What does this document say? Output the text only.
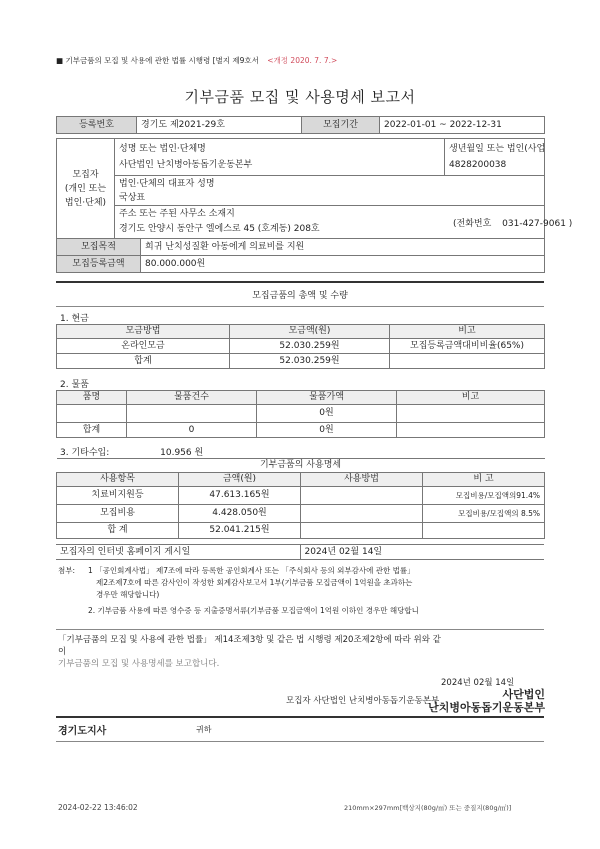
■ 기부금품의 모집 및 사용에 관한 법률 시행령 [별지 제9호서 <개정 2020. 7. 7.>
기부금품 모집 및 사용명세 보고서
등록번호	경기도 제2021-29호	모집기간	2022-01-01 ~ 2022-12-31
모집자
(개인 또는
법인·단체)

성명 또는 법인·단체명
사단법인 난치병아동돕기운동본부

생년월일 또는 법인(사업
4828200038

법인·단체의 대표자 성명
국상표

주소 또는 주된 사무소 소재지
경기도 안양시 동안구 엘에스로 45 (호계동) 208호	(전화번호 031-427-9061 )
모집목적	희귀 난치성질환 아동에게 의료비를 지원
모집등록금액	80.000.000원
모집금품의 총액 및 수량
1. 현금
모금방법	모금액(원)	비고
온라인모금	52.030.259원	모집등록금액대비비율(65%)
합계	52.030.259원	
2. 물품
품명	물품건수	물품가액	비고
		0원	
합계	0	0원	
3. 기타수입:	10.956 원
기부금품의 사용명세			
사용항목	금액(원)	사용방법	비 고
치료비지원등	47.613.165원		모집비용/모집액의91.4%
모집비용	4.428.050원		모집비용/모집액의 8.5%
합 계	52.041.215원		
모집자의 인터넷 홈페이지 게시일	2024년 02월 14일
첨부:	1 「공인회계사법」 제7조에 따라 등록한 공인회계사 또는 「주식회사 등의 외부감사에 관한 법률」
제2조제7호에 따른 감사인이 작성한 회계감사보고서 1부(기부금품 모집금액이 1억원을 초과하는
경우만 해당합니다)
2. 기부금품 사용에 따른 영수증 등 지출증명서류(기부금품 모집금액이 1억원 이하인 경우만 해당합니
「기부금품의 모집 및 사용에 관한 법률」 제14조제3항 및 같은 법 시행령 제20조제2항에 따라 위와 같
이
기부금품의 모집 및 사용명세를 보고합니다.
2024년 02월 14일
모집자 사단법인 난치병아동돕기운동본부	사단법인
난치병아동돕기운동본부
경기도지사	귀하
2024-02-22 13:46:02	210mm×297mm[백상지(80g/㎡) 또는 중질지(80g/㎡)]
